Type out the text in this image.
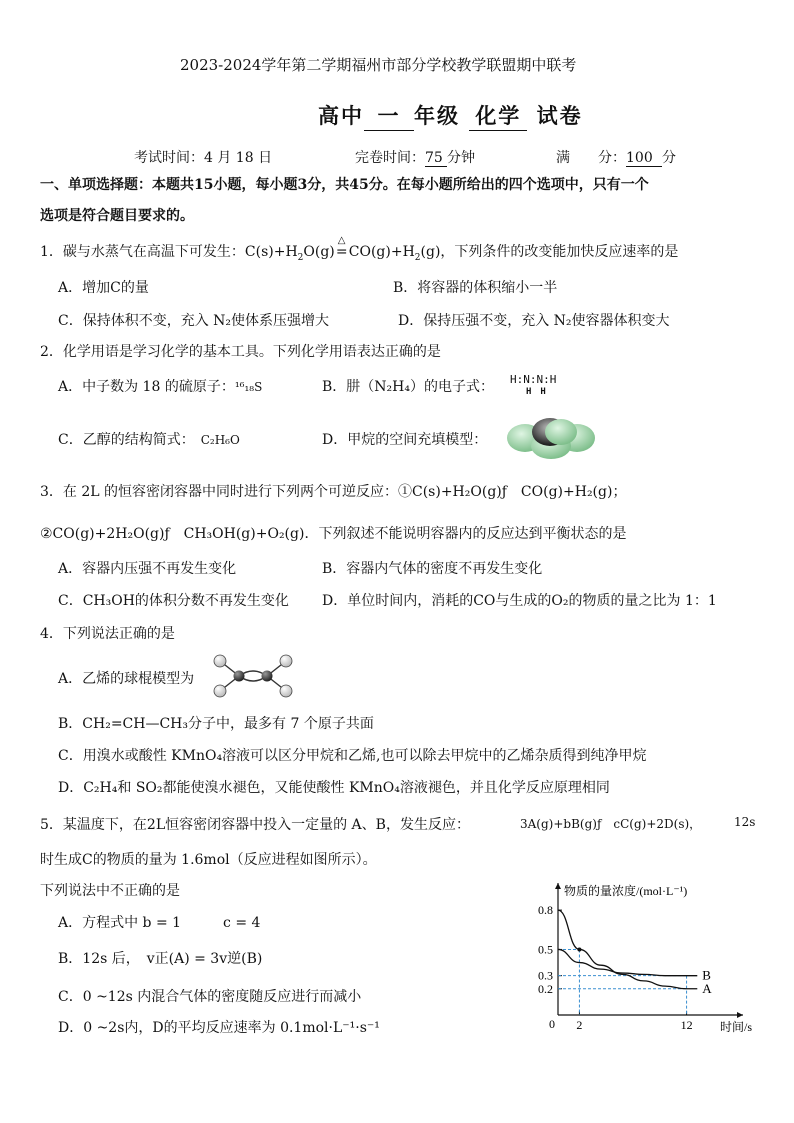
2023-2024学年第二学期福州市部分学校教学联盟期中联考
高中 一 年级 化学 试卷
考试时间：4 月 18 日	完卷时间：75 分钟	满　　分：100 分
一、单项选择题：本题共15小题，每小题3分，共45分。在每小题所给出的四个选项中，只有一个
选项是符合题目要求的。
1．碳与水蒸气在高温下可发生：$C(s)+H_2O(g)$
△
$=CO(g)+H_2(g)$，下列条件的改变能加快反应速率的是
A．增加C的量	B．将容器的体积缩小一半
C．保持体积不变，充入 N₂使体系压强增大	D．保持压强不变，充入 N₂使容器体积变大
2．化学用语是学习化学的基本工具。下列化学用语表达正确的是
A．中子数为 18 的硫原子：¹⁶₁₈S	B．肼（N₂H₄）的电子式： H:N:N:H
HH
C．乙醇的结构简式： C₂H₆O	D．甲烷的空间充填模型：
3．在 2L 的恒容密闭容器中同时进行下列两个可逆反应：①C(s)+H₂O(g)ƒ　CO(g)+H₂(g)；
②CO(g)+2H₂O(g)ƒ　CH₃OH(g)+O₂(g)．下列叙述不能说明容器内的反应达到平衡状态的是
A．容器内压强不再发生变化	B．容器内气体的密度不再发生变化
C．CH₃OH的体积分数不再发生变化 D．单位时间内，消耗的CO与生成的O₂的物质的量之比为 1：1
4．下列说法正确的是
A．乙烯的球棍模型为
B．CH₂=CH—CH₃分子中，最多有 7 个原子共面
C．用溴水或酸性 KMnO₄溶液可以区分甲烷和乙烯,也可以除去甲烷中的乙烯杂质得到纯净甲烷
D．C₂H₄和 SO₂都能使溴水褪色，又能使酸性 KMnO₄溶液褪色，并且化学反应原理相同
5．某温度下，在2L恒容密闭容器中投入一定量的 A、B，发生反应：	3A(g)+bB(g)ƒ　cC(g)+2D(s)，	12s
时生成C的物质的量为 1.6mol（反应进程如图所示）。
下列说法中不正确的是
A．方程式中 b = 1　　　c = 4
B．12s 后，　v正(A) = 3v逆(B)
C．0 ~12s 内混合气体的密度随反应进行而减小
D．0 ~2s内，D的平均反应速率为 0.1mol·L⁻¹·s⁻¹
物质的量浓度/(mol·L⁻¹)
时间/s
0
0.8
0.5
0.3
0.2
2	12
A
B
